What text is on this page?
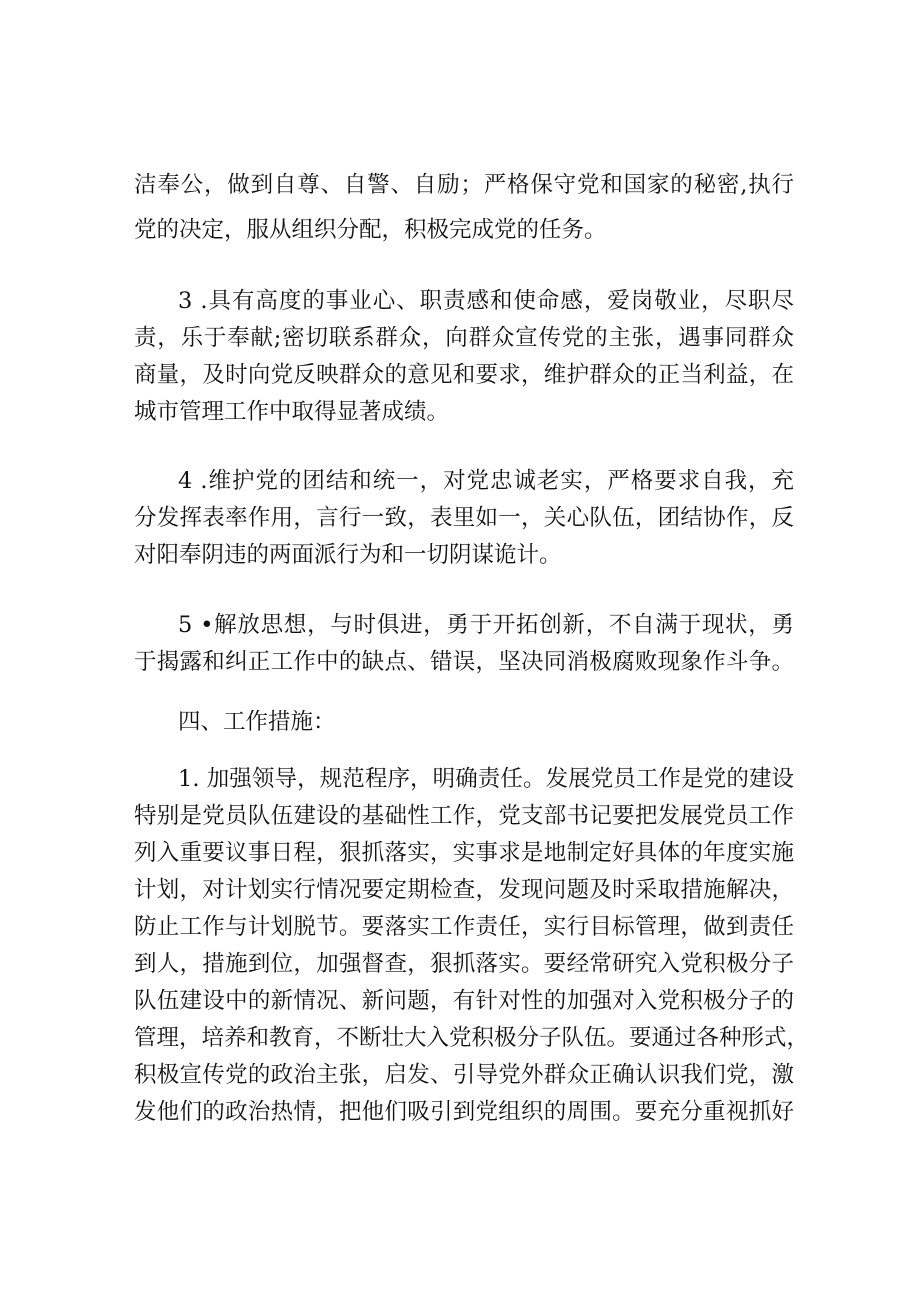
洁奉公，做到自尊、自警、自励；严格保守党和国家的秘密,执行
党的决定，服从组织分配，积极完成党的任务。
3 .具有高度的事业心、职责感和使命感，爱岗敬业，尽职尽
责，乐于奉献;密切联系群众，向群众宣传党的主张，遇事同群众
商量，及时向党反映群众的意见和要求，维护群众的正当利益，在
城市管理工作中取得显著成绩。
4 .维护党的团结和统一，对党忠诚老实，严格要求自我，充
分发挥表率作用，言行一致，表里如一，关心队伍，团结协作，反
对阳奉阴违的两面派行为和一切阴谋诡计。
5 •解放思想，与时俱进，勇于开拓创新，不自满于现状，勇
于揭露和纠正工作中的缺点、错误，坚决同消极腐败现象作斗争。
四、工作措施：
1. 加强领导，规范程序，明确责任。发展党员工作是党的建设
特别是党员队伍建设的基础性工作，党支部书记要把发展党员工作
列入重要议事日程，狠抓落实，实事求是地制定好具体的年度实施
计划，对计划实行情况要定期检查，发现问题及时采取措施解决，
防止工作与计划脱节。要落实工作责任，实行目标管理，做到责任
到人，措施到位，加强督查，狠抓落实。要经常研究入党积极分子
队伍建设中的新情况、新问题，有针对性的加强对入党积极分子的
管理，培养和教育，不断壮大入党积极分子队伍。要通过各种形式，
积极宣传党的政治主张，启发、引导党外群众正确认识我们党，激
发他们的政治热情，把他们吸引到党组织的周围。要充分重视抓好
